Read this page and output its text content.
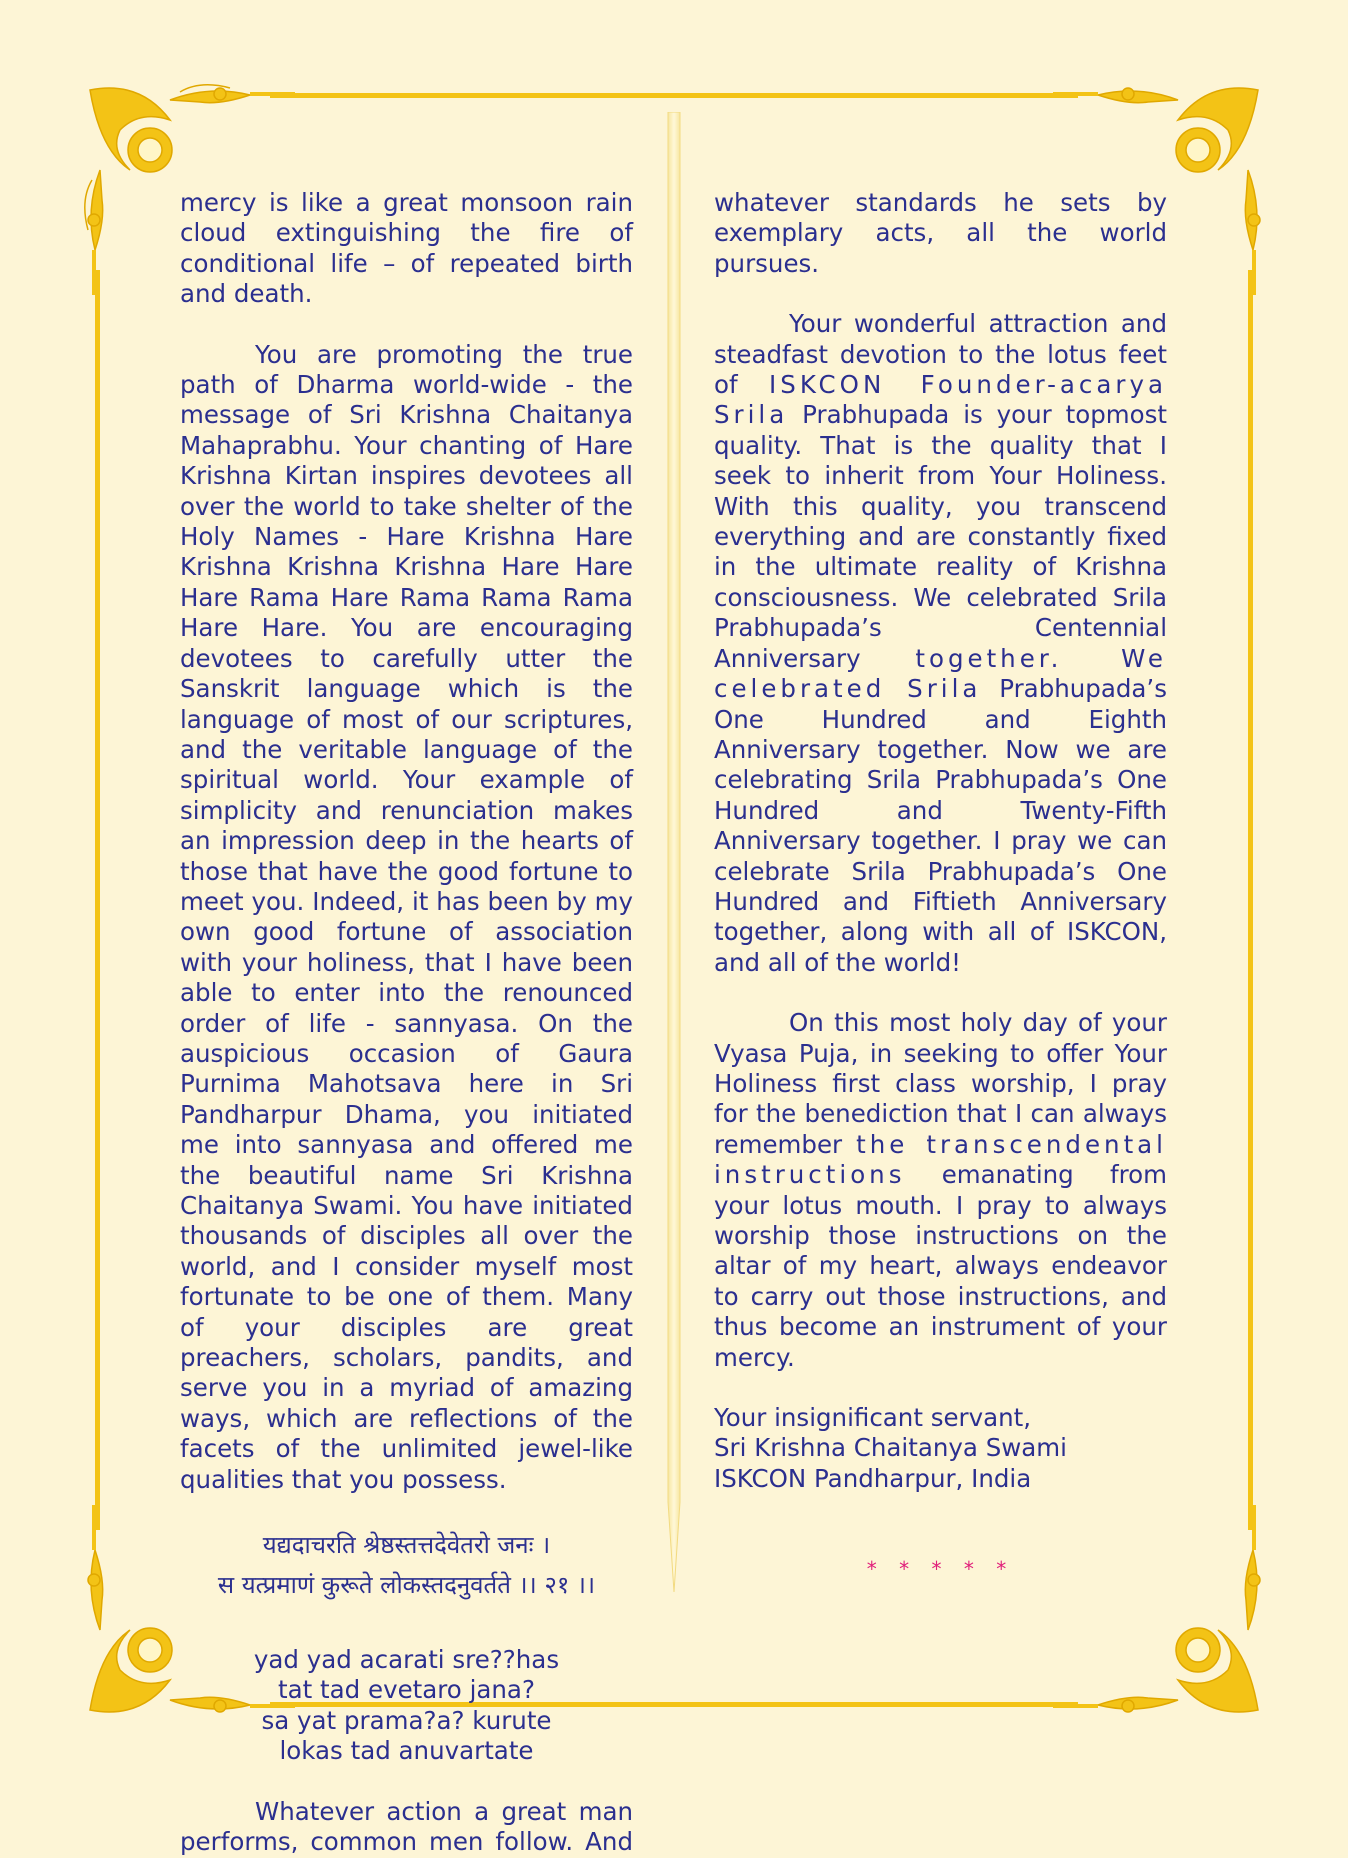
mercy is like a great monsoon rain cloud extinguishing the fire of conditional life – of repeated birth and death.

You are promoting the true path of Dharma world-wide - the message of Sri Krishna Chaitanya Mahaprabhu. Your chanting of Hare Krishna Kirtan inspires devotees all over the world to take shelter of the Holy Names - Hare Krishna Hare Krishna Krishna Krishna Hare Hare Hare Rama Hare Rama Rama Rama Hare Hare. You are encouraging devotees to carefully utter the Sanskrit language which is the language of most of our scriptures, and the veritable language of the spiritual world. Your example of simplicity and renunciation makes an impression deep in the hearts of those that have the good fortune to meet you. Indeed, it has been by my own good fortune of association with your holiness, that I have been able to enter into the renounced order of life - sannyasa. On the auspicious occasion of Gaura Purnima Mahotsava here in Sri Pandharpur Dhama, you initiated me into sannyasa and offered me the beautiful name Sri Krishna Chaitanya Swami. You have initiated thousands of disciples all over the world, and I consider myself most fortunate to be one of them. Many of your disciples are great preachers, scholars, pandits, and serve you in a myriad of amazing ways, which are reflections of the facets of the unlimited jewel-like qualities that you possess.

यद्यदाचरति श्रेष्ठस्तत्तदेवेतरो जनः ।
स यत्प्रमाणं कुरूते लोकस्तदनुवर्तते ।। २१ ।।
yad yad acarati sre??has
tat tad evetaro jana?
sa yat prama?a? kurute
lokas tad anuvartate

Whatever action a great man performs, common men follow. And

whatever standards he sets by exemplary acts, all the world pursues.

Your wonderful attraction and steadfast devotion to the lotus feet of ISKCON Founder-acarya Srila Prabhupada is your topmost quality. That is the quality that I seek to inherit from Your Holiness. With this quality, you transcend everything and are constantly fixed in the ultimate reality of Krishna consciousness. We celebrated Srila Prabhupada’s Centennial Anniversary together. We celebrated Srila Prabhupada’s One Hundred and Eighth Anniversary together. Now we are celebrating Srila Prabhupada’s One Hundred and Twenty-Fifth Anniversary together. I pray we can celebrate Srila Prabhupada’s One Hundred and Fiftieth Anniversary together, along with all of ISKCON, and all of the world!

On this most holy day of your Vyasa Puja, in seeking to offer Your Holiness first class worship, I pray for the benediction that I can always remember the transcendental instructions emanating from your lotus mouth. I pray to always worship those instructions on the altar of my heart, always endeavor to carry out those instructions, and thus become an instrument of your mercy.

Your insignificant servant,
Sri Krishna Chaitanya Swami
ISKCON Pandharpur, India
* * * * *
